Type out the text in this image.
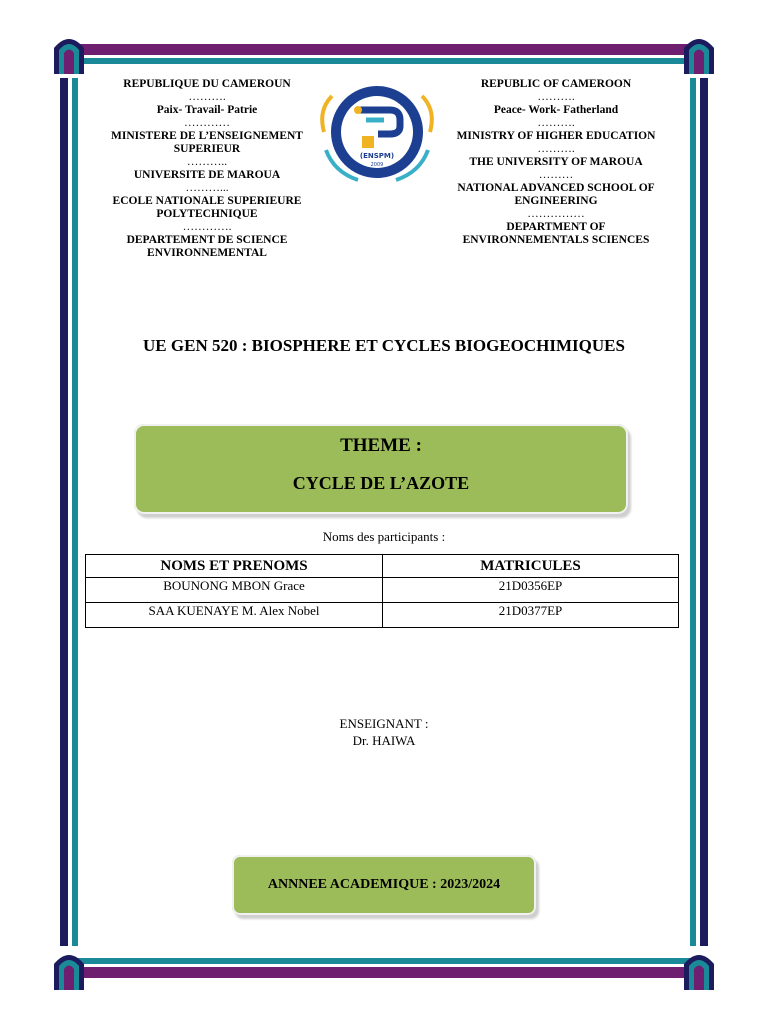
REPUBLIQUE DU CAMEROUN
……….
Paix- Travail- Patrie
…………
MINISTERE DE L’ENSEIGNEMENT SUPERIEUR
………..
UNIVERSITE DE MAROUA
………...
ECOLE NATIONALE SUPERIEURE POLYTECHNIQUE
………….
DEPARTEMENT DE SCIENCE ENVIRONNEMENTAL
(ENSPM)
2009
REPUBLIC OF CAMEROON
……….
Peace- Work- Fatherland
……….
MINISTRY OF HIGHER EDUCATION
……….
THE UNIVERSITY OF MAROUA
………
NATIONAL ADVANCED SCHOOL OF ENGINEERING
……………
DEPARTMENT OF ENVIRONNEMENTALS SCIENCES
UE GEN 520 : BIOSPHERE ET CYCLES BIOGEOCHIMIQUES
THEME :
CYCLE DE L’AZOTE
Noms des participants :
NOMS ET PRENOMS	MATRICULES
BOUNONG MBON Grace	21D0356EP
SAA KUENAYE M. Alex Nobel	21D0377EP
ENSEIGNANT :
Dr. HAIWA
ANNNEE ACADEMIQUE : 2023/2024
